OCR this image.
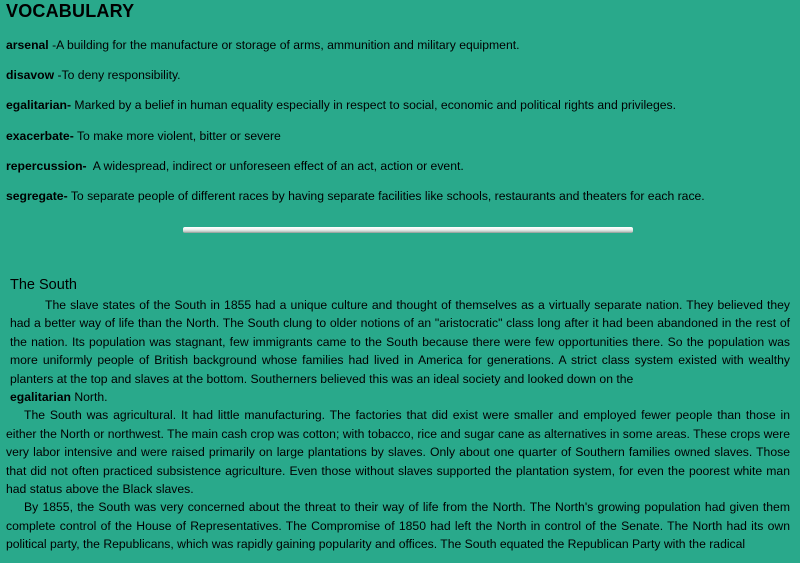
VOCABULARY
arsenal -A building for the manufacture or storage of arms, ammunition and military equipment.
disavow -To deny responsibility.
egalitarian- Marked by a belief in human equality especially in respect to social, economic and political rights and privileges.
exacerbate- To make more violent, bitter or severe
repercussion- A widespread, indirect or unforeseen effect of an act, action or event.
segregate- To separate people of different races by having separate facilities like schools, restaurants and theaters for each race.
The South

The slave states of the South in 1855 had a unique culture and thought of themselves as a virtually separate nation. They believed they had a better way of life than the North. The South clung to older notions of an "aristocratic" class long after it had been abandoned in the rest of the nation. Its population was stagnant, few immigrants came to the South because there were few opportunities there. So the population was more uniformly people of British background whose families had lived in America for generations. A strict class system existed with wealthy planters at the top and slaves at the bottom. Southerners believed this was an ideal society and looked down on the
egalitarian North.

The South was agricultural. It had little manufacturing. The factories that did exist were smaller and employed fewer people than those in either the North or northwest. The main cash crop was cotton; with tobacco, rice and sugar cane as alternatives in some areas. These crops were very labor intensive and were raised primarily on large plantations by slaves. Only about one quarter of Southern families owned slaves. Those that did not often practiced subsistence agriculture. Even those without slaves supported the plantation system, for even the poorest white man had status above the Black slaves.

By 1855, the South was very concerned about the threat to their way of life from the North. The North's growing population had given them complete control of the House of Representatives. The Compromise of 1850 had left the North in control of the Senate. The North had its own political party, the Republicans, which was rapidly gaining popularity and offices. The South equated the Republican Party with the radical
